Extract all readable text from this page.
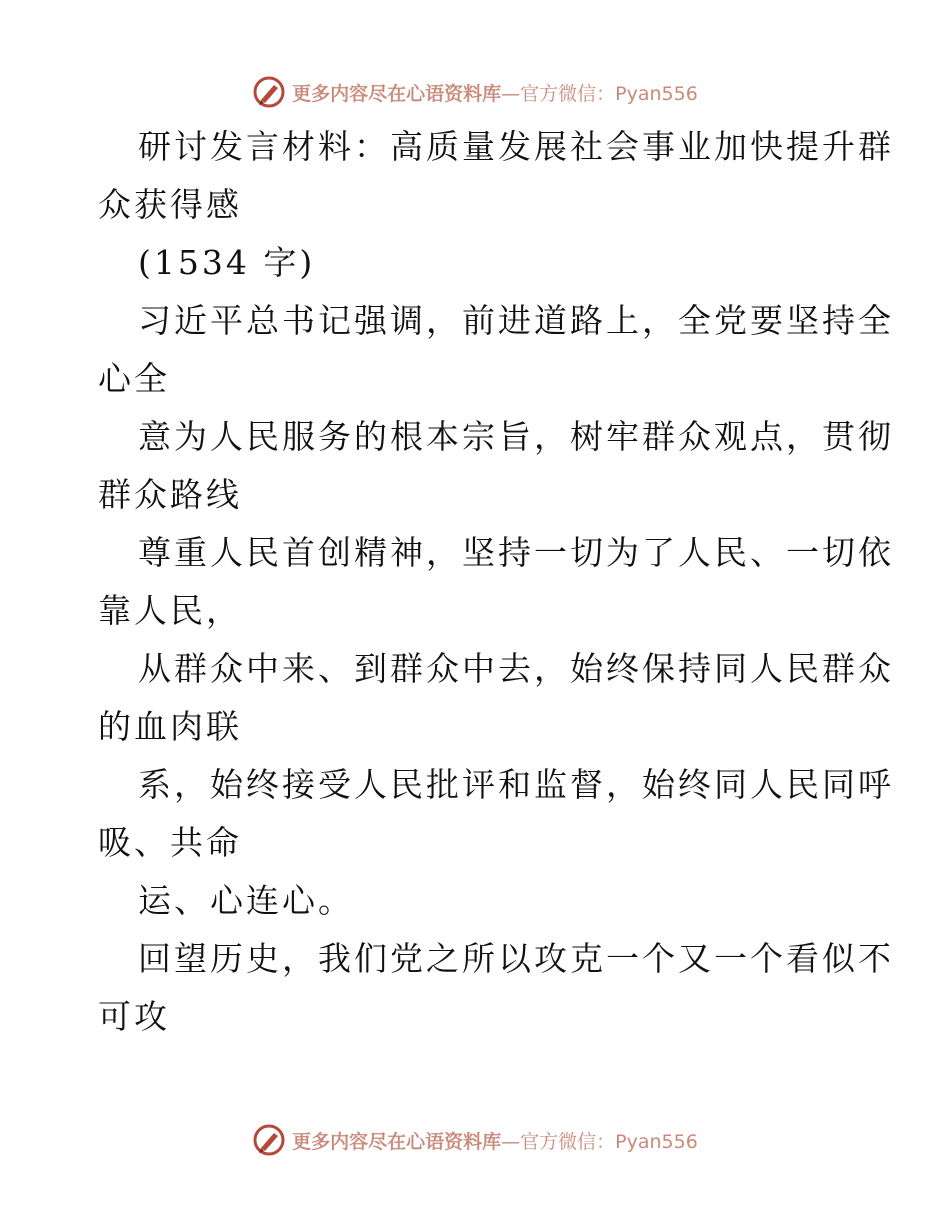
更多内容尽在心语资料库—官方微信：Pyan556
研讨发言材料：高质量发展社会事业加快提升群
众获得感
(1534 字)
习近平总书记强调，前进道路上，全党要坚持全
心全
意为人民服务的根本宗旨，树牢群众观点，贯彻
群众路线
尊重人民首创精神，坚持一切为了人民、一切依
靠人民，
从群众中来、到群众中去，始终保持同人民群众
的血肉联
系，始终接受人民批评和监督，始终同人民同呼
吸、共命
运、心连心。
回望历史，我们党之所以攻克一个又一个看似不
可攻
更多内容尽在心语资料库—官方微信：Pyan556
